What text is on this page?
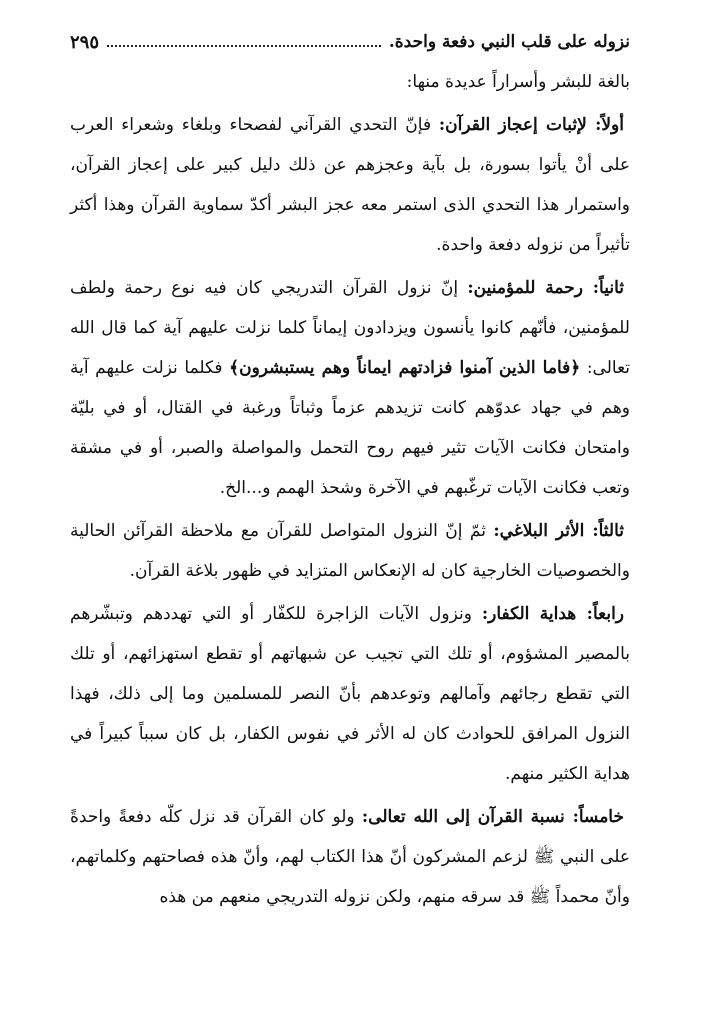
نزوله على قلب النبي دفعة واحدة.
٢٩٥

بالغة للبشر وأسراراً عديدة منها:

أولاً: لإثبات إعجاز القرآن: فإنّ التحدي القرآني لفصحاء وبلغاء وشعراء العرب على أنْ يأتوا بسورة، بل بآية وعجزهم عن ذلك دليل كبير على إعجاز القرآن، واستمرار هذا التحدي الذى استمر معه عجز البشر أكدّ سماوية القرآن وهذا أكثر تأثيراً من نزوله دفعة واحدة.

ثانياً: رحمة للمؤمنين: إنّ نزول القرآن التدريجي كان فيه نوع رحمة ولطف للمؤمنين، فأنّهم كانوا يأنسون ويزدادون إيماناً كلما نزلت عليهم آية كما قال الله تعالى: ﴿فاما الذين آمنوا فزادتهم ايماناً وهم يستبشرون﴾ فكلما نزلت عليهم آية وهم في جهاد عدوّهم كانت تزيدهم عزماً وثباتاً ورغبة في القتال، أو في بليّة وامتحان فكانت الآيات تثير فيهم روح التحمل والمواصلة والصبر، أو في مشقة وتعب فكانت الآيات ترغّبهم في الآخرة وشحذ الهمم و...الخ.

ثالثاً: الأثر البلاغي: ثمّ إنّ النزول المتواصل للقرآن مع ملاحظة القرآئن الحالية والخصوصيات الخارجية كان له الإنعكاس المتزايد في ظهور بلاغة القرآن.

رابعاً: هداية الكفار: ونزول الآيات الزاجرة للكفّار أو التي تهددهم وتبشّرهم بالمصير المشؤوم، أو تلك التي تجيب عن شبهاتهم أو تقطع استهزائهم، أو تلك التي تقطع رجائهم وآمالهم وتوعدهم بأنّ النصر للمسلمين وما إلى ذلك، فهذا النزول المرافق للحوادث كان له الأثر في نفوس الكفار، بل كان سبباً كبيراً في هداية الكثير منهم.

خامساً: نسبة القرآن إلى الله تعالى: ولو كان القرآن قد نزل كلّه دفعةً واحدةً على النبي ﷺ لزعم المشركون أنّ هذا الكتاب لهم، وأنّ هذه فصاحتهم وكلماتهم، وأنّ محمداً ﷺ قد سرقه منهم، ولكن نزوله التدريجي منعهم من هذه
